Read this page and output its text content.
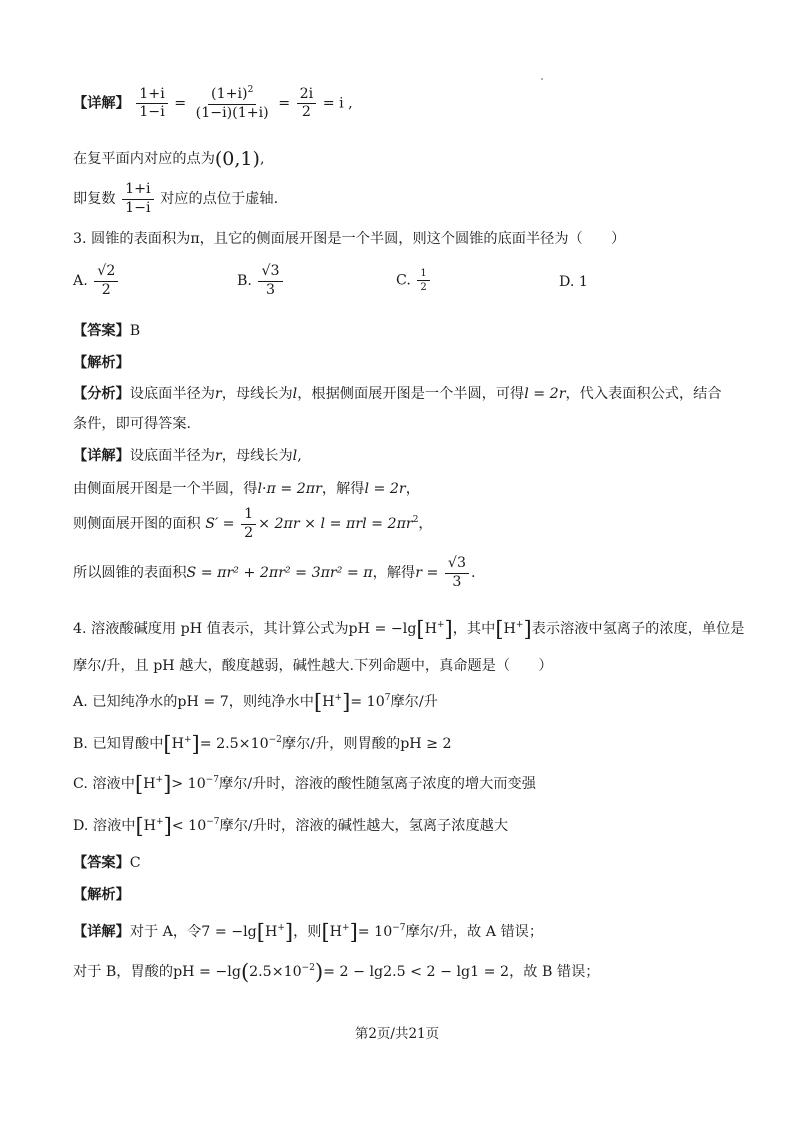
【详解】 $\frac{1+i}{1-i} = \frac{(1+i)^2}{(1-i)(1+i)} = \frac{2i}{2} = i$ ,
在复平面内对应的点为(0,1),
即复数 $\frac{1+i}{1-i}$ 对应的点位于虚轴.
3. 圆锥的表面积为π，且它的侧面展开图是一个半圆，则这个圆锥的底面半径为（　　）
A. $\frac{√2}{2}$	B. $\frac{√3}{3}$	C. $\frac{1}{2}$	D. 1
【答案】B
【解析】
【分析】设底面半径为r，母线长为l，根据侧面展开图是一个半圆，可得l = 2r，代入表面积公式，结合
条件，即可得答案.
【详解】设底面半径为r，母线长为l,
由侧面展开图是一个半圆，得l·π = 2πr，解得l = 2r，
则侧面展开图的面积 $S' = \frac{1}{2} \times 2\pi r \times l = \pi rl = 2\pi r^2$，
所以圆锥的表面积S = πr² + 2πr² = 3πr² = π，解得$r = \frac{√3}{3}$ .
4. 溶液酸碱度用 pH 值表示，其计算公式为pH = −lg[H+]，其中[H+]表示溶液中氢离子的浓度，单位是
摩尔/升，且 pH 越大，酸度越弱，碱性越大.下列命题中，真命题是（　　）
A. 已知纯净水的pH = 7，则纯净水中$[H^+]= 10^7$摩尔/升
B. 已知胃酸中$[H^+]= 2.5\times 10^{-2}$摩尔/升，则胃酸的pH ≥ 2
C. 溶液中$[H^+]> 10^{-7}$摩尔/升时，溶液的酸性随氢离子浓度的增大而变强
D. 溶液中$[H^+]< 10^{-7}$摩尔/升时，溶液的碱性越大，氢离子浓度越大
【答案】C
【解析】
【详解】对于 A，令7 = −lg[H+]，则$[H^+]= 10^{-7}$摩尔/升，故 A 错误；
对于 B，胃酸的pH = $-\lg(2.5\times 10^{-2})= 2 - \lg 2.5 < 2 - \lg 1 = 2$，故 B 错误；
第2页/共21页
